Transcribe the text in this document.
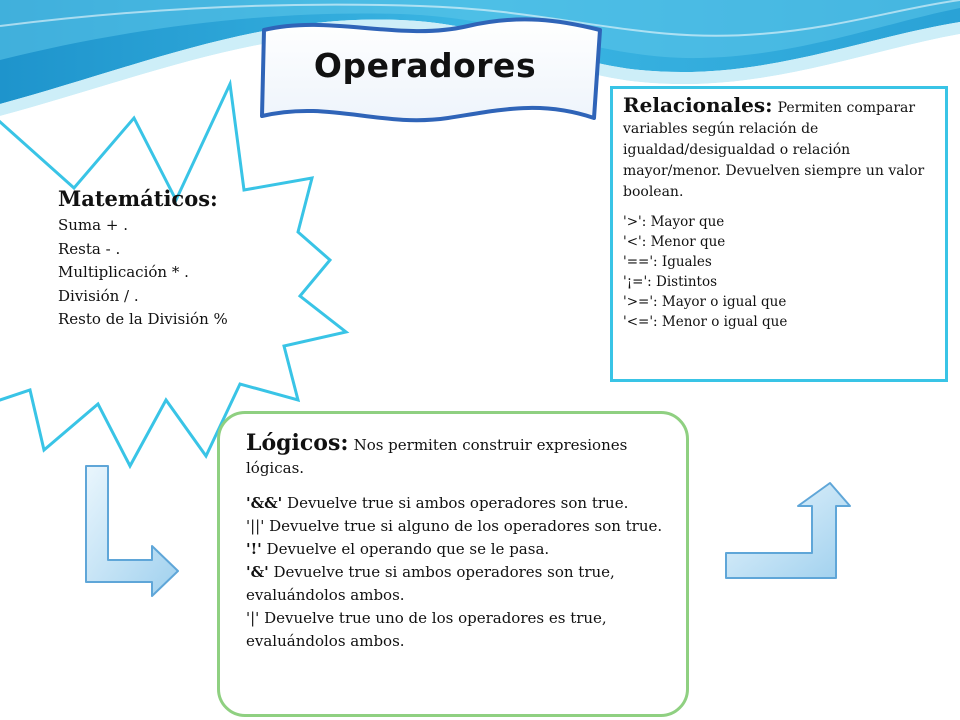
Operadores
Matemáticos:
Suma + .
Resta - .
Multiplicación * .
División / .
Resto de la División %

Relacionales: Permiten comparar variables según relación de igualdad/desigualdad o relación mayor/menor. Devuelven siempre un valor boolean.

'>': Mayor que
'<': Menor que
'==': Iguales
'¡=': Distintos
'>=': Mayor o igual que
'<=': Menor o igual que

Lógicos: Nos permiten construir expresiones lógicas.

'&&' Devuelve true si ambos operadores son true.
'||' Devuelve true si alguno de los operadores son true.
'!' Devuelve el operando que se le pasa.
'&' Devuelve true si ambos operadores son true, evaluándolos ambos.
'|' Devuelve true uno de los operadores es true, evaluándolos ambos.
